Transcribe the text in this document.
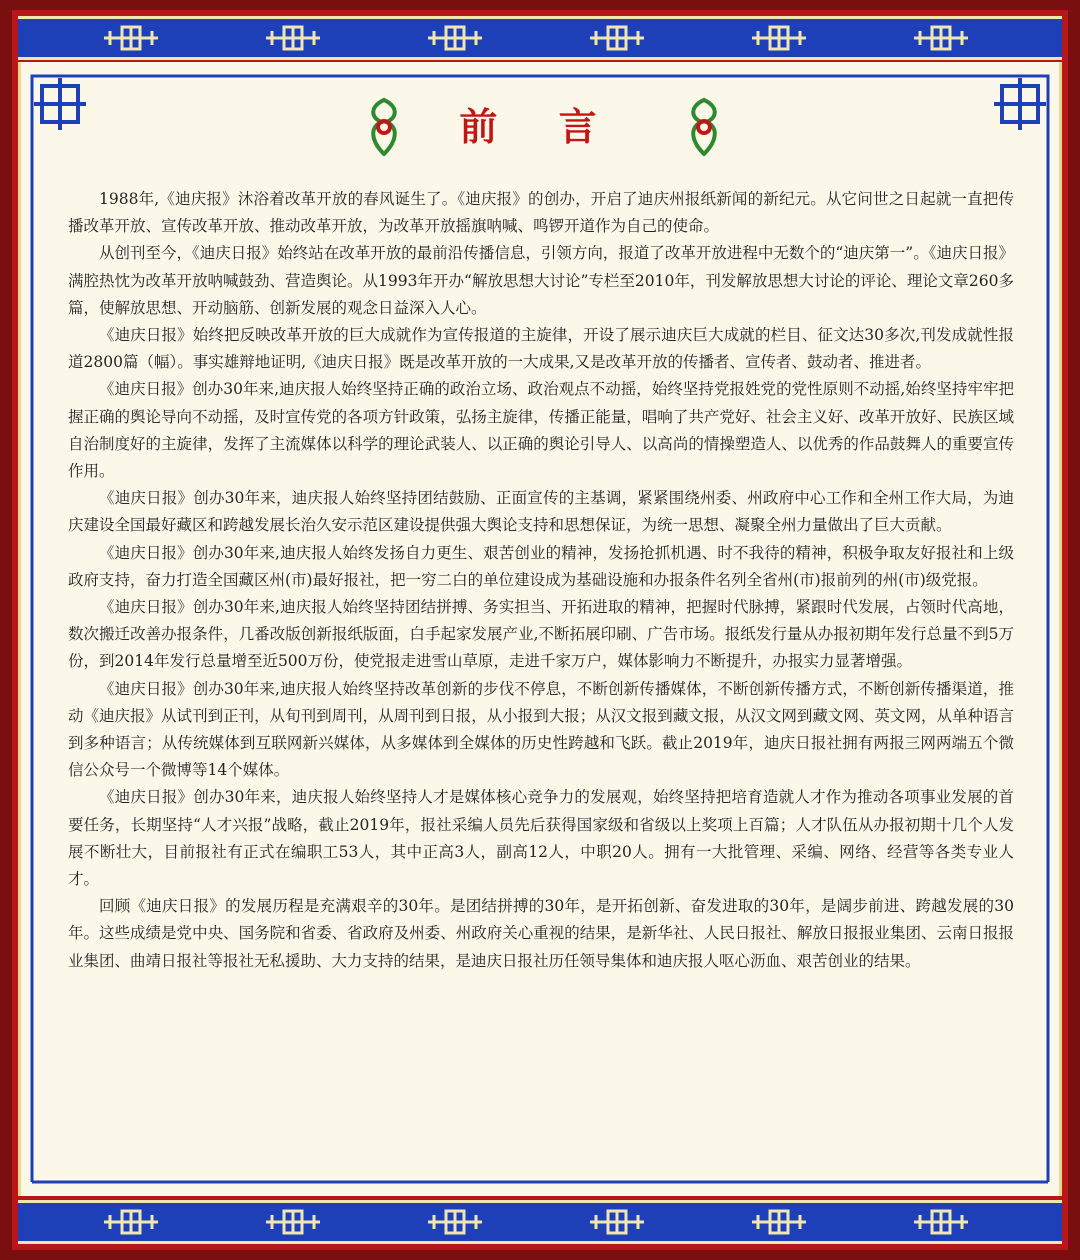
前 言

1988年,《迪庆报》沐浴着改革开放的春风诞生了。《迪庆报》的创办，开启了迪庆州报纸新闻的新纪元。从它问世之日起就一直把传播改革开放、宣传改革开放、推动改革开放，为改革开放摇旗呐喊、鸣锣开道作为自己的使命。

从创刊至今，《迪庆日报》始终站在改革开放的最前沿传播信息，引领方向，报道了改革开放进程中无数个的“迪庆第一”。《迪庆日报》满腔热忱为改革开放呐喊鼓劲、营造舆论。从1993年开办“解放思想大讨论”专栏至2010年，刊发解放思想大讨论的评论、理论文章260多篇，使解放思想、开动脑筋、创新发展的观念日益深入人心。

《迪庆日报》始终把反映改革开放的巨大成就作为宣传报道的主旋律，开设了展示迪庆巨大成就的栏目、征文达30多次,刊发成就性报道2800篇（幅）。事实雄辩地证明,《迪庆日报》既是改革开放的一大成果,又是改革开放的传播者、宣传者、鼓动者、推进者。

《迪庆日报》创办30年来,迪庆报人始终坚持正确的政治立场、政治观点不动摇，始终坚持党报姓党的党性原则不动摇,始终坚持牢牢把握正确的舆论导向不动摇，及时宣传党的各项方针政策，弘扬主旋律，传播正能量，唱响了共产党好、社会主义好、改革开放好、民族区域自治制度好的主旋律，发挥了主流媒体以科学的理论武装人、以正确的舆论引导人、以高尚的情操塑造人、以优秀的作品鼓舞人的重要宣传作用。

《迪庆日报》创办30年来，迪庆报人始终坚持团结鼓励、正面宣传的主基调，紧紧围绕州委、州政府中心工作和全州工作大局，为迪庆建设全国最好藏区和跨越发展长治久安示范区建设提供强大舆论支持和思想保证，为统一思想、凝聚全州力量做出了巨大贡献。

《迪庆日报》创办30年来,迪庆报人始终发扬自力更生、艰苦创业的精神，发扬抢抓机遇、时不我待的精神，积极争取友好报社和上级政府支持，奋力打造全国藏区州(市)最好报社，把一穷二白的单位建设成为基础设施和办报条件名列全省州(市)报前列的州(市)级党报。

《迪庆日报》创办30年来,迪庆报人始终坚持团结拼搏、务实担当、开拓进取的精神，把握时代脉搏，紧跟时代发展，占领时代高地，数次搬迁改善办报条件，几番改版创新报纸版面，白手起家发展产业,不断拓展印刷、广告市场。报纸发行量从办报初期年发行总量不到5万份，到2014年发行总量增至近500万份，使党报走进雪山草原，走进千家万户，媒体影响力不断提升，办报实力显著增强。

《迪庆日报》创办30年来,迪庆报人始终坚持改革创新的步伐不停息，不断创新传播媒体，不断创新传播方式，不断创新传播渠道，推动《迪庆报》从试刊到正刊，从旬刊到周刊，从周刊到日报，从小报到大报；从汉文报到藏文报，从汉文网到藏文网、英文网，从单种语言到多种语言；从传统媒体到互联网新兴媒体，从多媒体到全媒体的历史性跨越和飞跃。截止2019年，迪庆日报社拥有两报三网两端五个微信公众号一个微博等14个媒体。

《迪庆日报》创办30年来，迪庆报人始终坚持人才是媒体核心竞争力的发展观，始终坚持把培育造就人才作为推动各项事业发展的首要任务，长期坚持“人才兴报”战略，截止2019年，报社采编人员先后获得国家级和省级以上奖项上百篇；人才队伍从办报初期十几个人发展不断壮大，目前报社有正式在编职工53人，其中正高3人，副高12人，中职20人。拥有一大批管理、采编、网络、经营等各类专业人才。

回顾《迪庆日报》的发展历程是充满艰辛的30年。是团结拼搏的30年，是开拓创新、奋发进取的30年，是阔步前进、跨越发展的30年。这些成绩是党中央、国务院和省委、省政府及州委、州政府关心重视的结果，是新华社、人民日报社、解放日报报业集团、云南日报报业集团、曲靖日报社等报社无私援助、大力支持的结果，是迪庆日报社历任领导集体和迪庆报人呕心沥血、艰苦创业的结果。
